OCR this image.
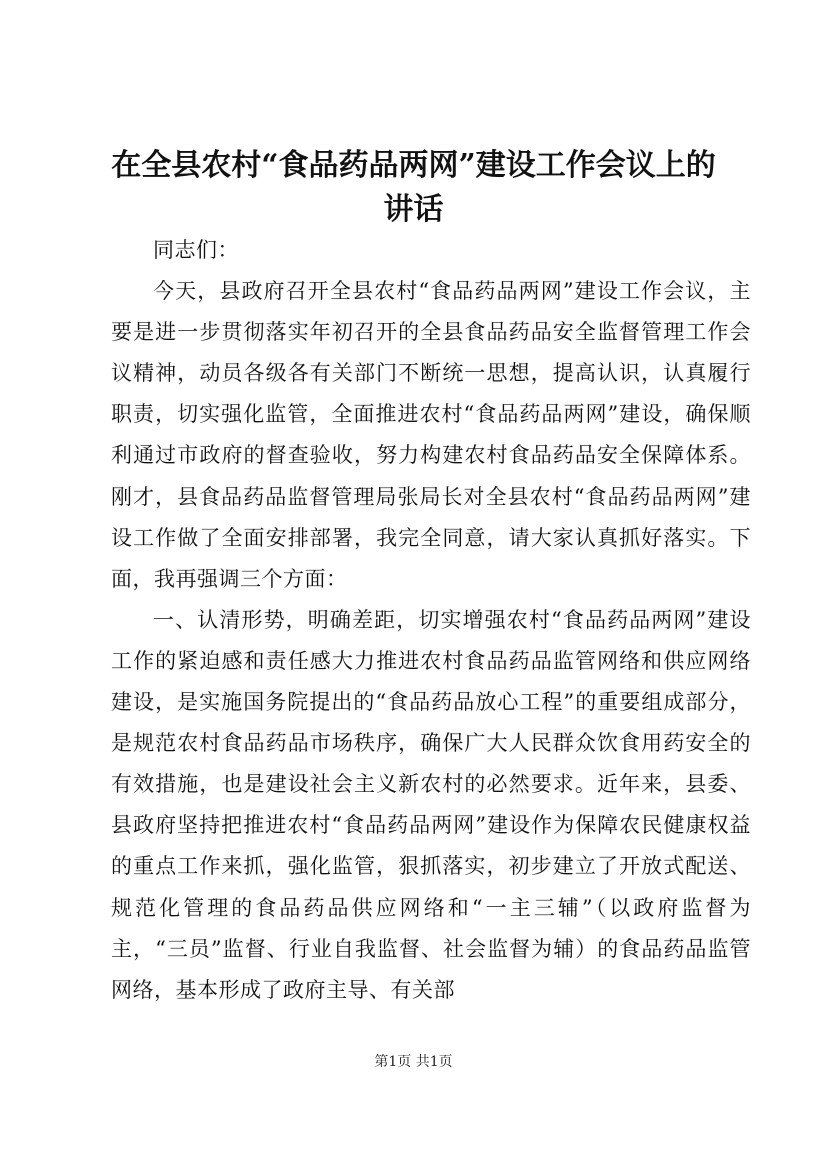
在全县农村“食品药品两网”建设工作会议上的讲话

同志们：

今天，县政府召开全县农村“食品药品两网”建设工作会议，主要是进一步贯彻落实年初召开的全县食品药品安全监督管理工作会议精神，动员各级各有关部门不断统一思想，提高认识，认真履行职责，切实强化监管，全面推进农村“食品药品两网”建设，确保顺利通过市政府的督查验收，努力构建农村食品药品安全保障体系。刚才，县食品药品监督管理局张局长对全县农村“食品药品两网”建设工作做了全面安排部署，我完全同意，请大家认真抓好落实。下面，我再强调三个方面：

一、认清形势，明确差距，切实增强农村“食品药品两网”建设工作的紧迫感和责任感大力推进农村食品药品监管网络和供应网络建设，是实施国务院提出的“食品药品放心工程”的重要组成部分，是规范农村食品药品市场秩序，确保广大人民群众饮食用药安全的有效措施，也是建设社会主义新农村的必然要求。近年来，县委、县政府坚持把推进农村“食品药品两网”建设作为保障农民健康权益的重点工作来抓，强化监管，狠抓落实，初步建立了开放式配送、规范化管理的食品药品供应网络和“一主三辅”（以政府监督为主，“三员”监督、行业自我监督、社会监督为辅）的食品药品监管网络，基本形成了政府主导、有关部

第1页 共1页
